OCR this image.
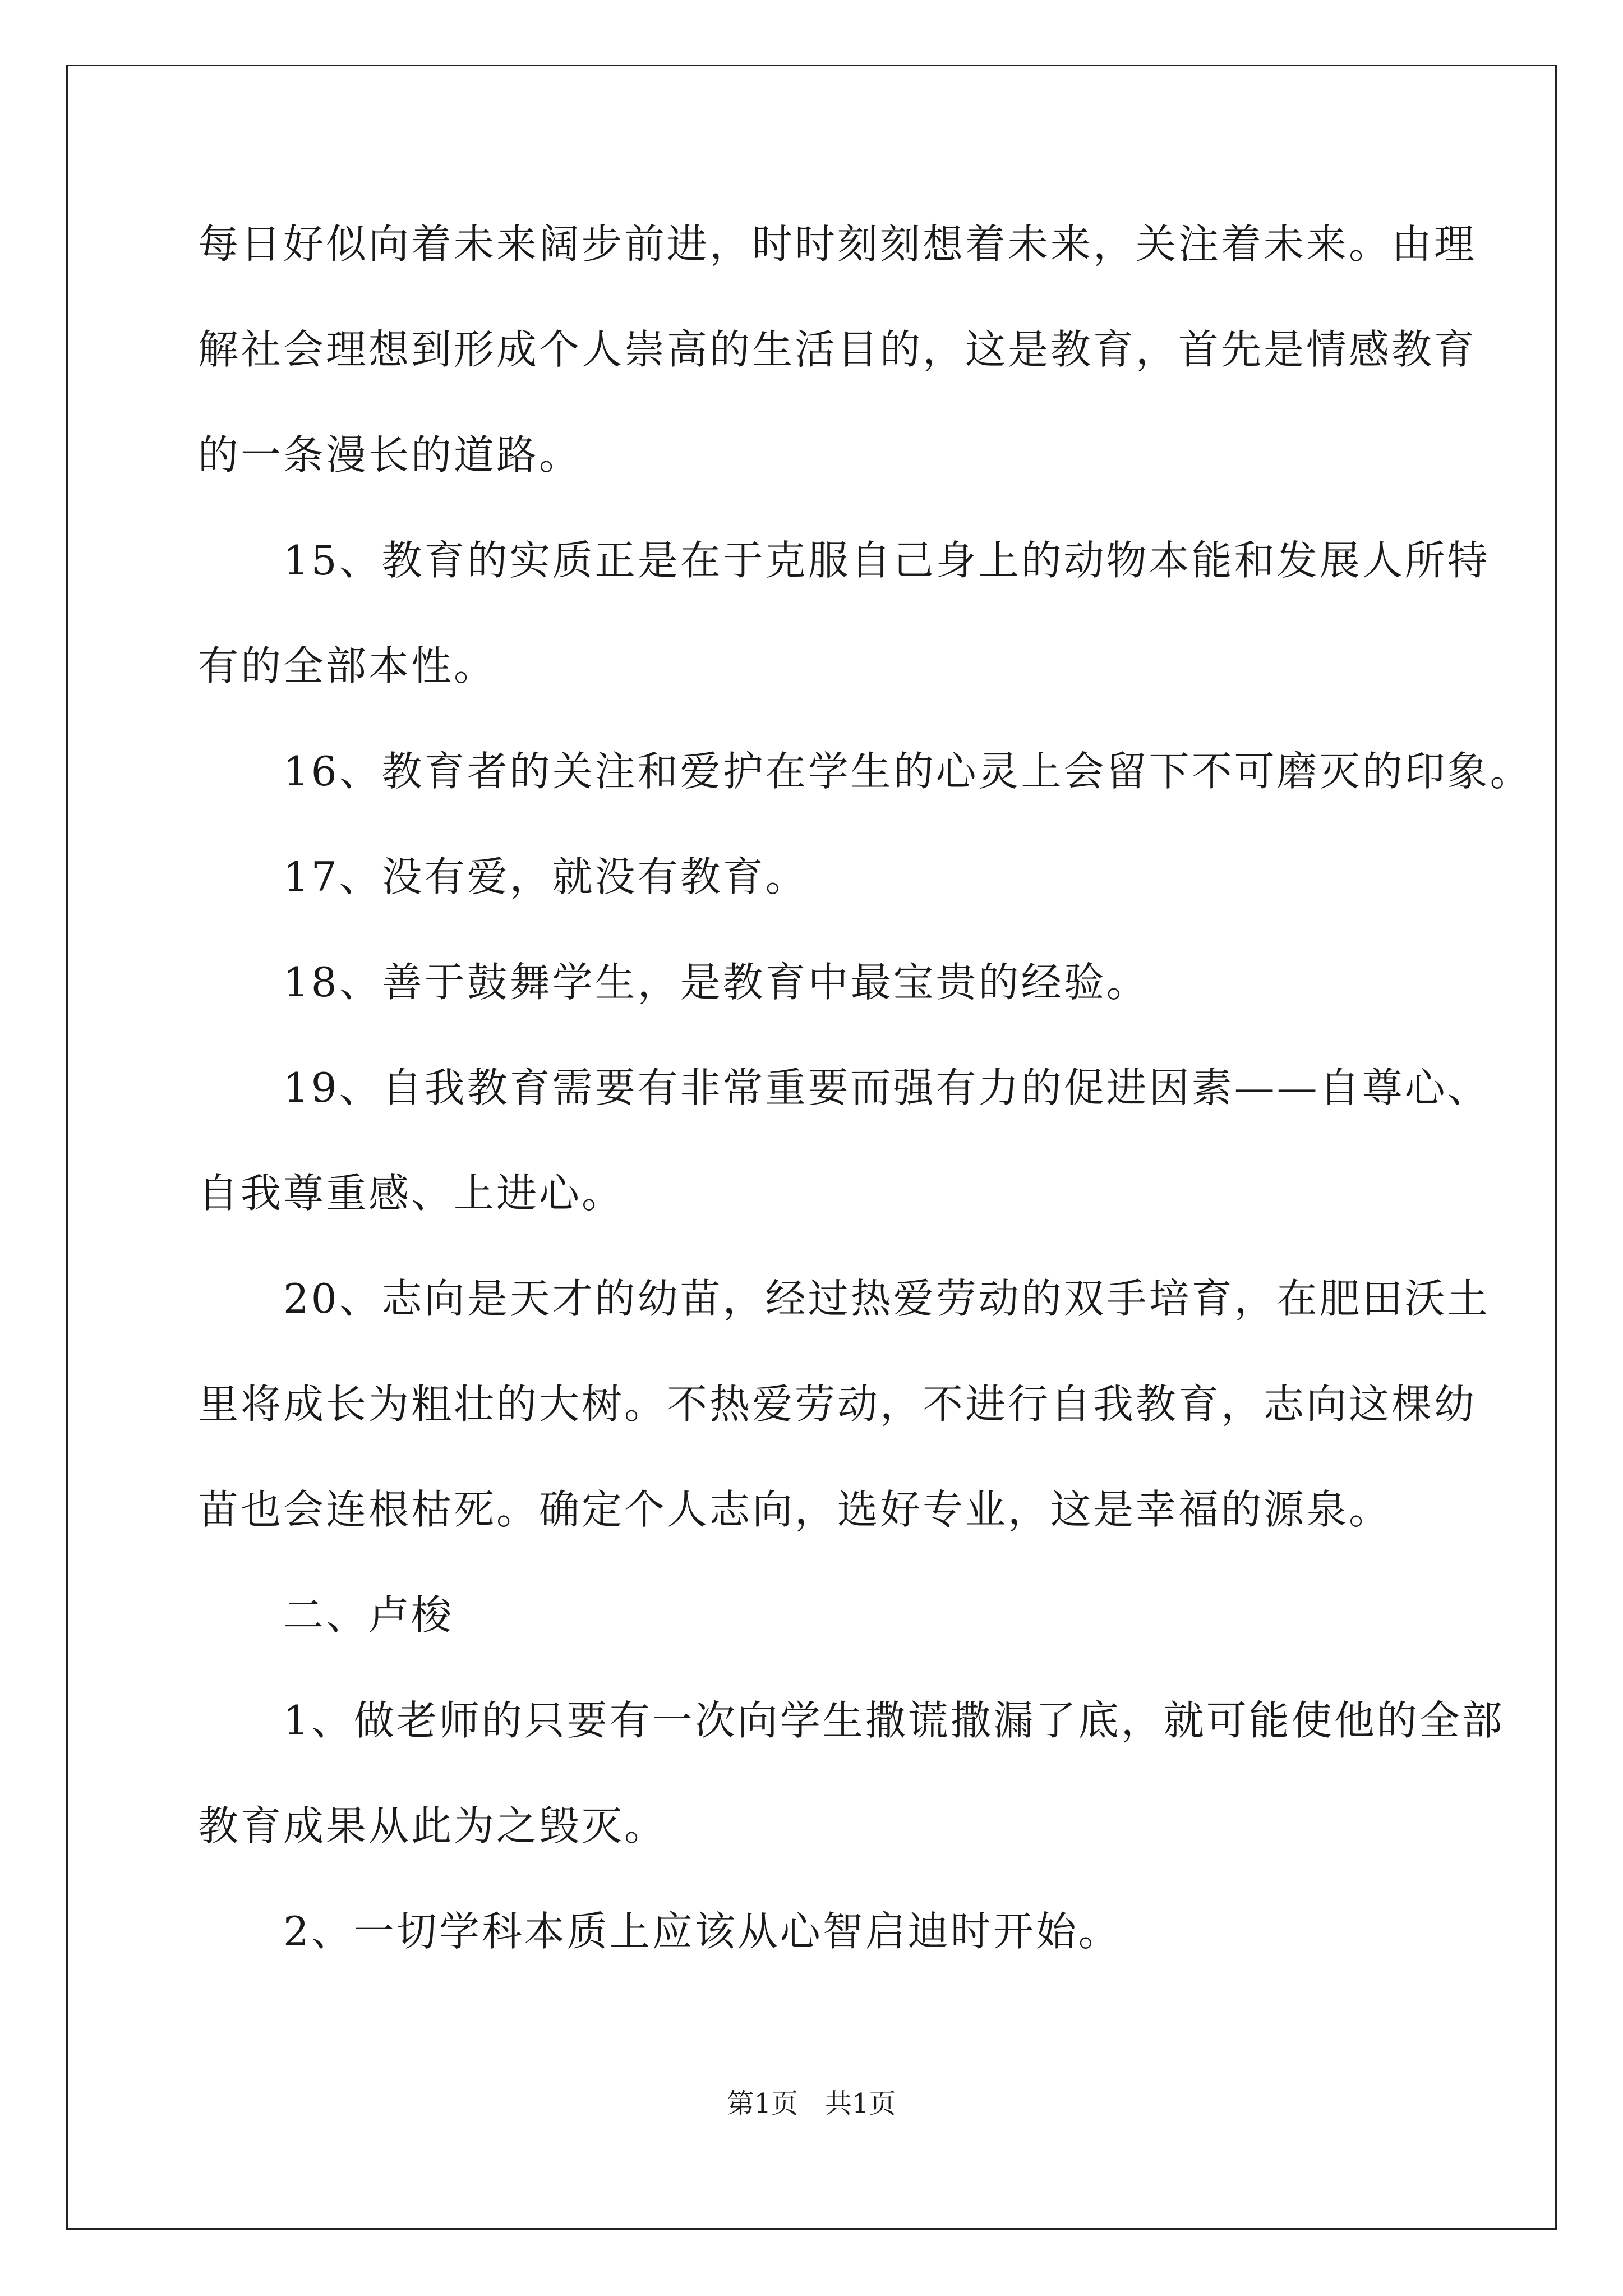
每日好似向着未来阔步前进，时时刻刻想着未来，关注着未来。由理
解社会理想到形成个人崇高的生活目的，这是教育，首先是情感教育
的一条漫长的道路。
　　15、教育的实质正是在于克服自己身上的动物本能和发展人所特
有的全部本性。
　　16、教育者的关注和爱护在学生的心灵上会留下不可磨灭的印象。
　　17、没有爱，就没有教育。
　　18、善于鼓舞学生，是教育中最宝贵的经验。
　　19、自我教育需要有非常重要而强有力的促进因素——自尊心、
自我尊重感、上进心。
　　20、志向是天才的幼苗，经过热爱劳动的双手培育，在肥田沃土
里将成长为粗壮的大树。不热爱劳动，不进行自我教育，志向这棵幼
苗也会连根枯死。确定个人志向，选好专业，这是幸福的源泉。
　　二、卢梭
　　1、做老师的只要有一次向学生撒谎撒漏了底，就可能使他的全部
教育成果从此为之毁灭。
　　2、一切学科本质上应该从心智启迪时开始。
第1页　共1页
